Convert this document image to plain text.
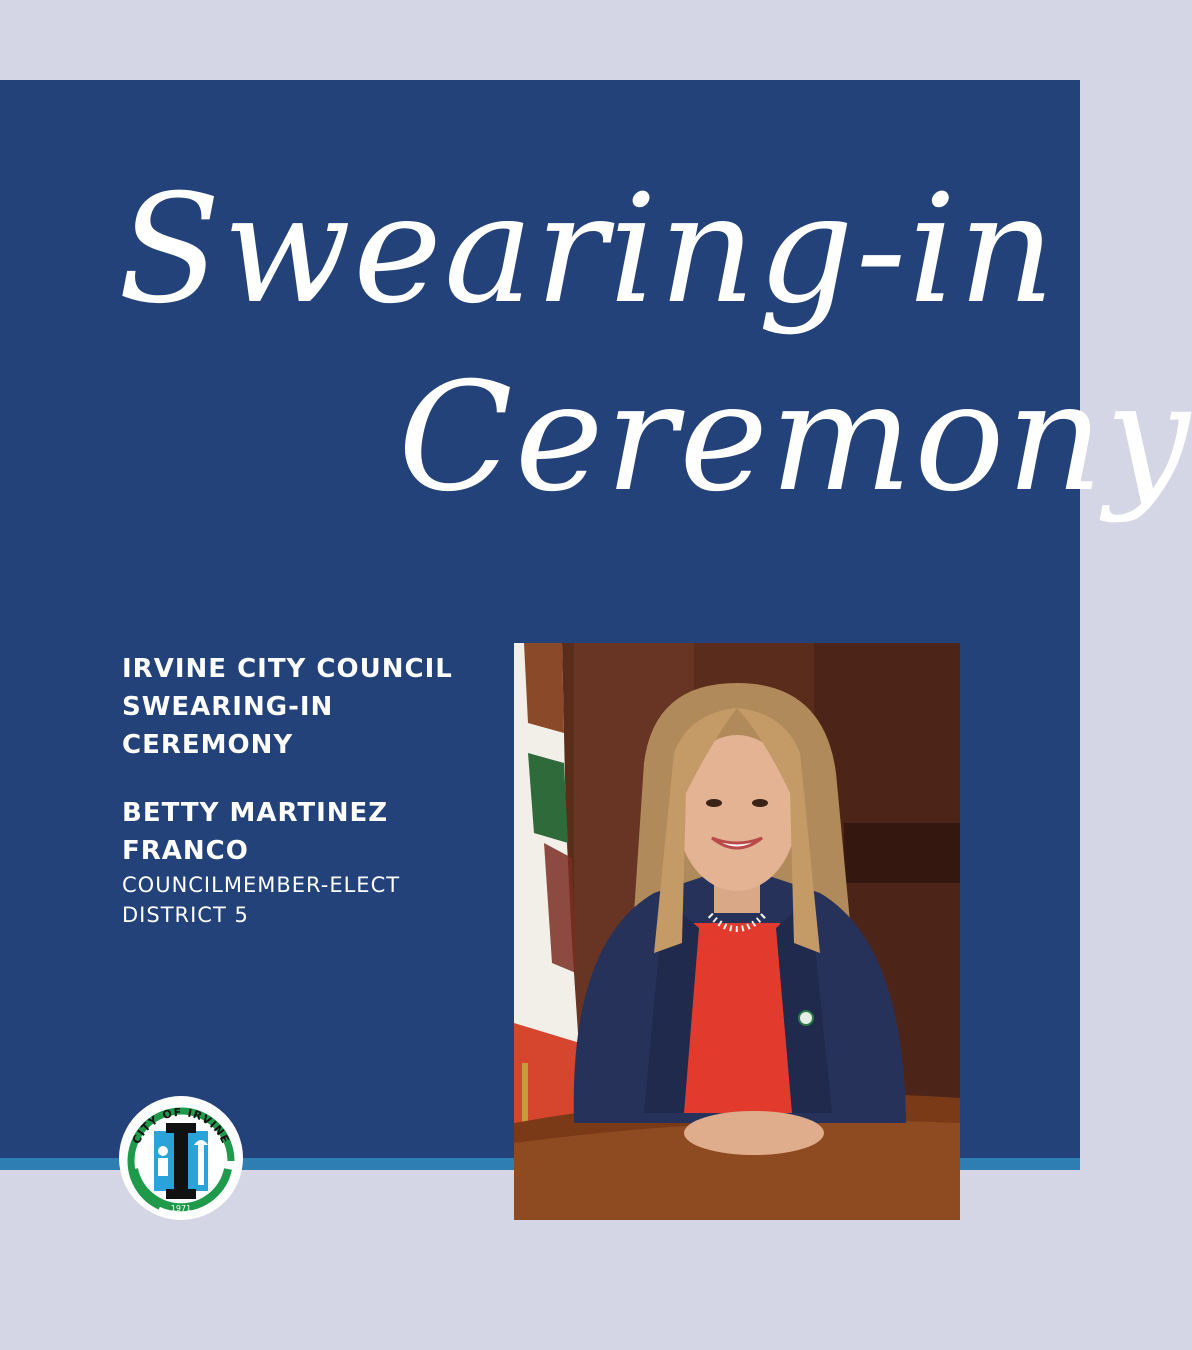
Swearing-in
Ceremony

IRVINE CITY COUNCIL

SWEARING-IN

CEREMONY

BETTY MARTINEZ

FRANCO

COUNCILMEMBER-ELECT

DISTRICT 5

CITY OF IRVINE
1971
